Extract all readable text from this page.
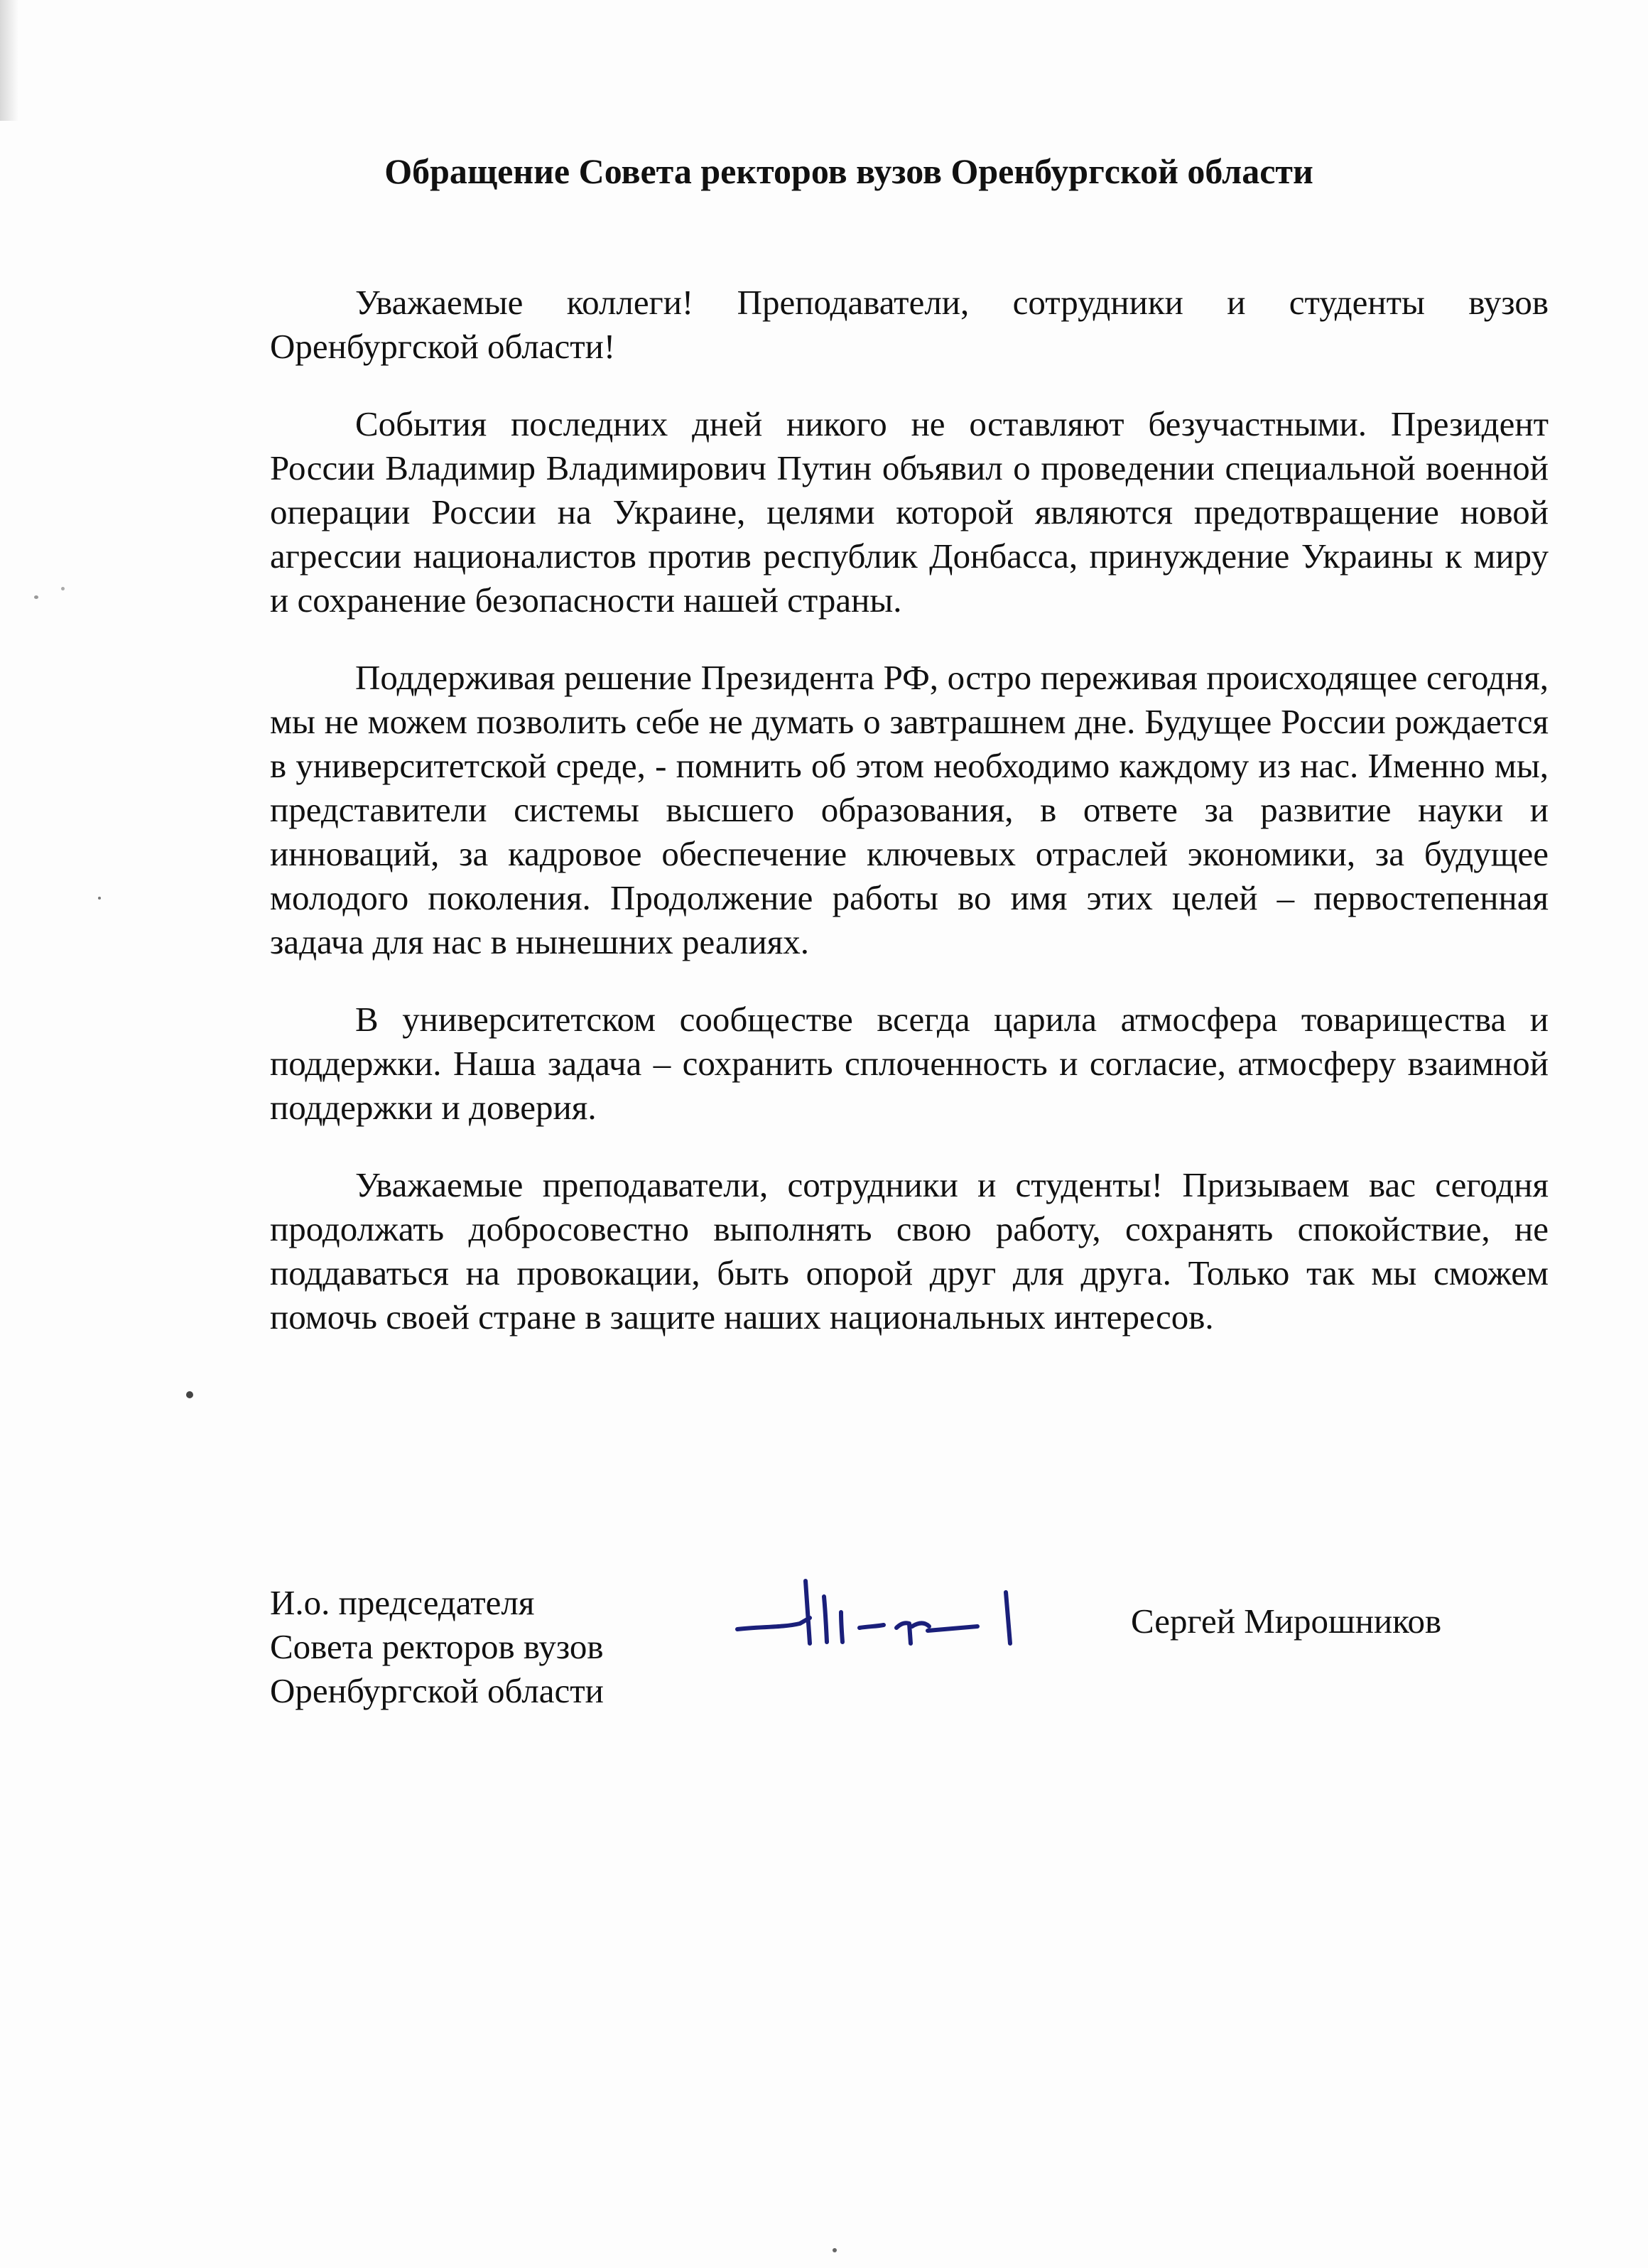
Обращение Совета ректоров вузов Оренбургской области

Уважаемые коллеги! Преподаватели, сотрудники и студенты вузов Оренбургской области!

События последних дней никого не оставляют безучастными. Президент России Владимир Владимирович Путин объявил о проведении специальной военной операции России на Украине, целями которой являются предотвращение новой агрессии националистов против республик Донбасса, принуждение Украины к миру и сохранение безопасности нашей страны.

Поддерживая решение Президента РФ, остро переживая происходящее сегодня, мы не можем позволить себе не думать о завтрашнем дне. Будущее России рождается в университетской среде, - помнить об этом необходимо каждому из нас. Именно мы, представители системы высшего образования, в ответе за развитие науки и инноваций, за кадровое обеспечение ключевых отраслей экономики, за будущее молодого поколения. Продолжение работы во имя этих целей – первостепенная задача для нас в нынешних реалиях.

В университетском сообществе всегда царила атмосфера товарищества и поддержки. Наша задача – сохранить сплоченность и согласие, атмосферу взаимной поддержки и доверия.

Уважаемые преподаватели, сотрудники и студенты! Призываем вас сегодня продолжать добросовестно выполнять свою работу, сохранять спокойствие, не поддаваться на провокации, быть опорой друг для друга. Только так мы сможем помочь своей стране в защите наших национальных интересов.

И.о. председателя
Совета ректоров вузов
Оренбургской области
Сергей Мирошников
